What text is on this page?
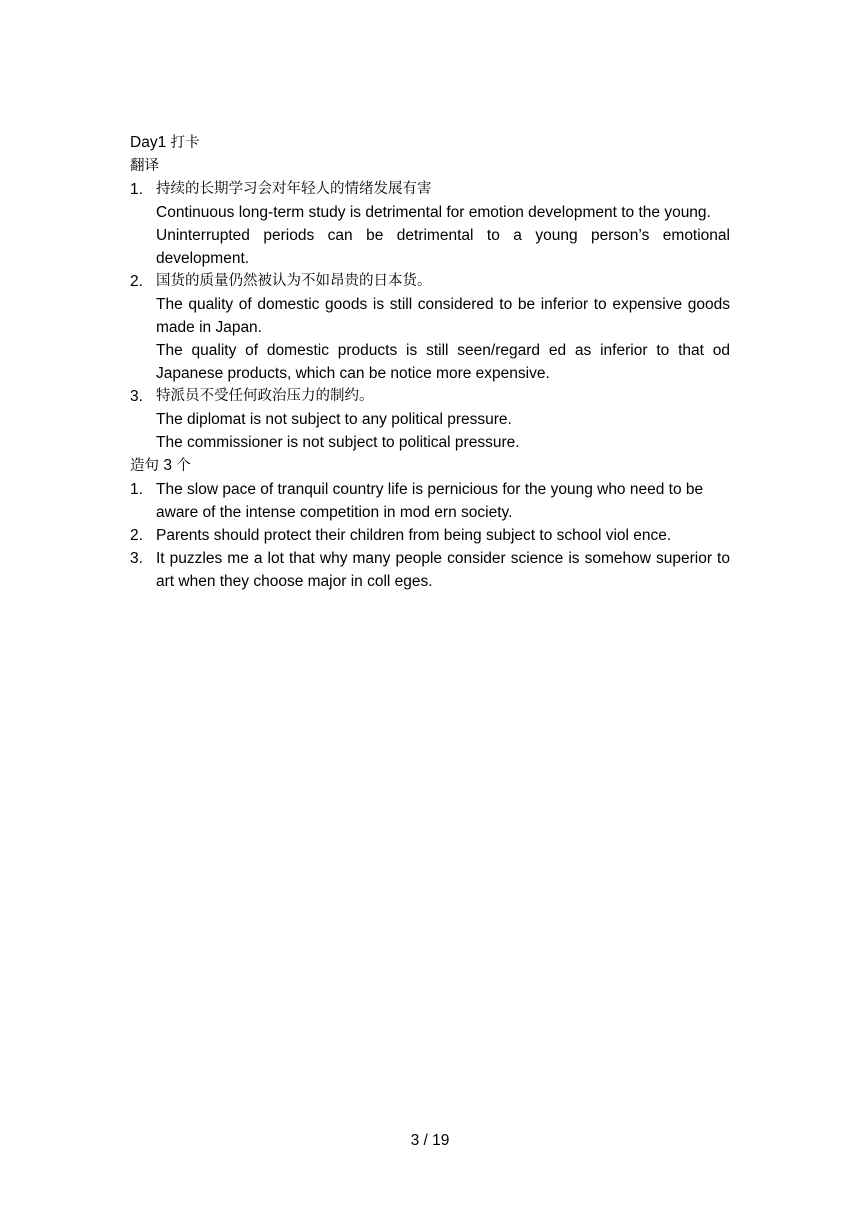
Day1 打卡
翻译
1. 持续的长期学习会对年轻人的情绪发展有害
Continuous long-term study is detrimental for emotion development to the young.
Uninterrupted periods can be detrimental to a young person’s emotional development.
2. 国货的质量仍然被认为不如昂贵的日本货。
The quality of domestic goods is still considered to be inferior to expensive goods made in Japan.
The quality of domestic products is still seen/regard ed as inferior to that od Japanese products, which can be notice more expensive.
3. 特派员不受任何政治压力的制约。
The diplomat is not subject to any political pressure.
The commissioner is not subject to political pressure.
造句 3 个
1. The slow pace of tranquil country life is pernicious for the young who need to be aware of the intense competition in mod ern society.
2. Parents should protect their children from being subject to school viol ence.
3. It puzzles me a lot that why many people consider science is somehow superior to art when they choose major in coll eges.
3 / 19
